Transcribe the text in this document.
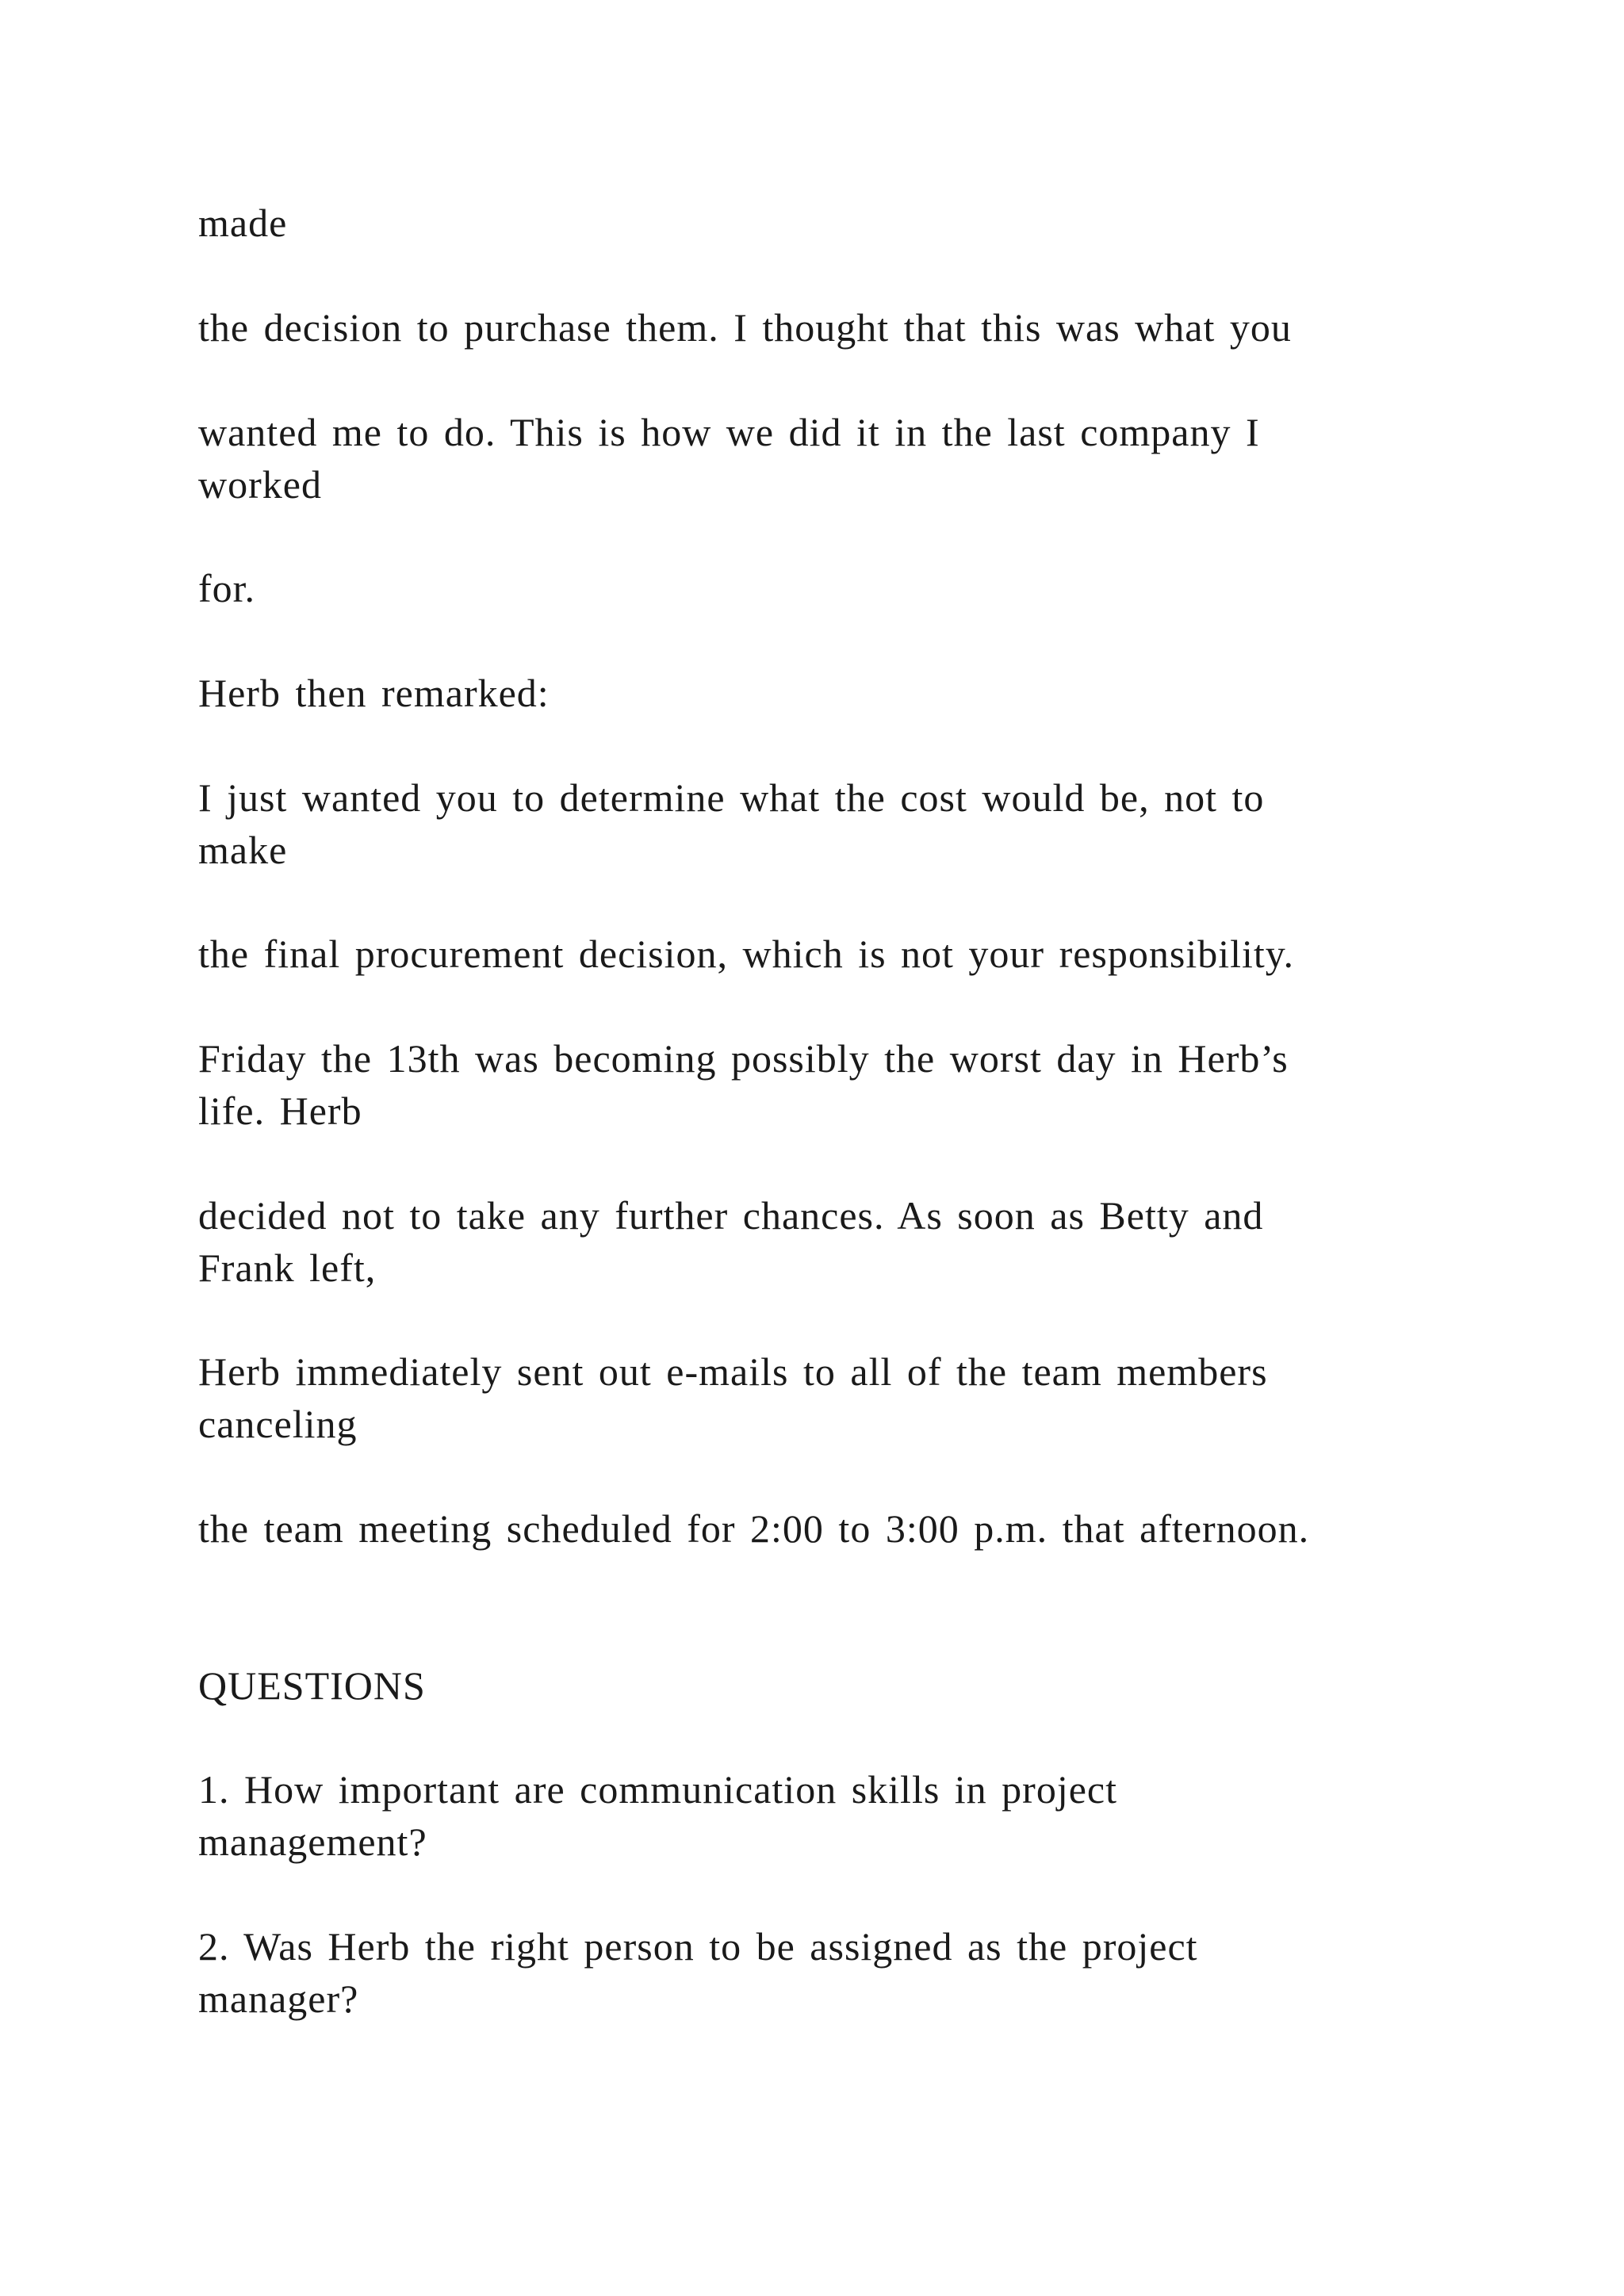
made

the decision to purchase them. I thought that this was what you

wanted me to do. This is how we did it in the last company I

worked

for.

Herb then remarked:

I just wanted you to determine what the cost would be, not to

make

the final procurement decision, which is not your responsibility.

Friday the 13th was becoming possibly the worst day in Herb’s

life. Herb

decided not to take any further chances. As soon as Betty and

Frank left,

Herb immediately sent out e-mails to all of the team members

canceling

the team meeting scheduled for 2:00 to 3:00 p.m. that afternoon.

QUESTIONS

1. How important are communication skills in project

management?

2. Was Herb the right person to be assigned as the project

manager?
